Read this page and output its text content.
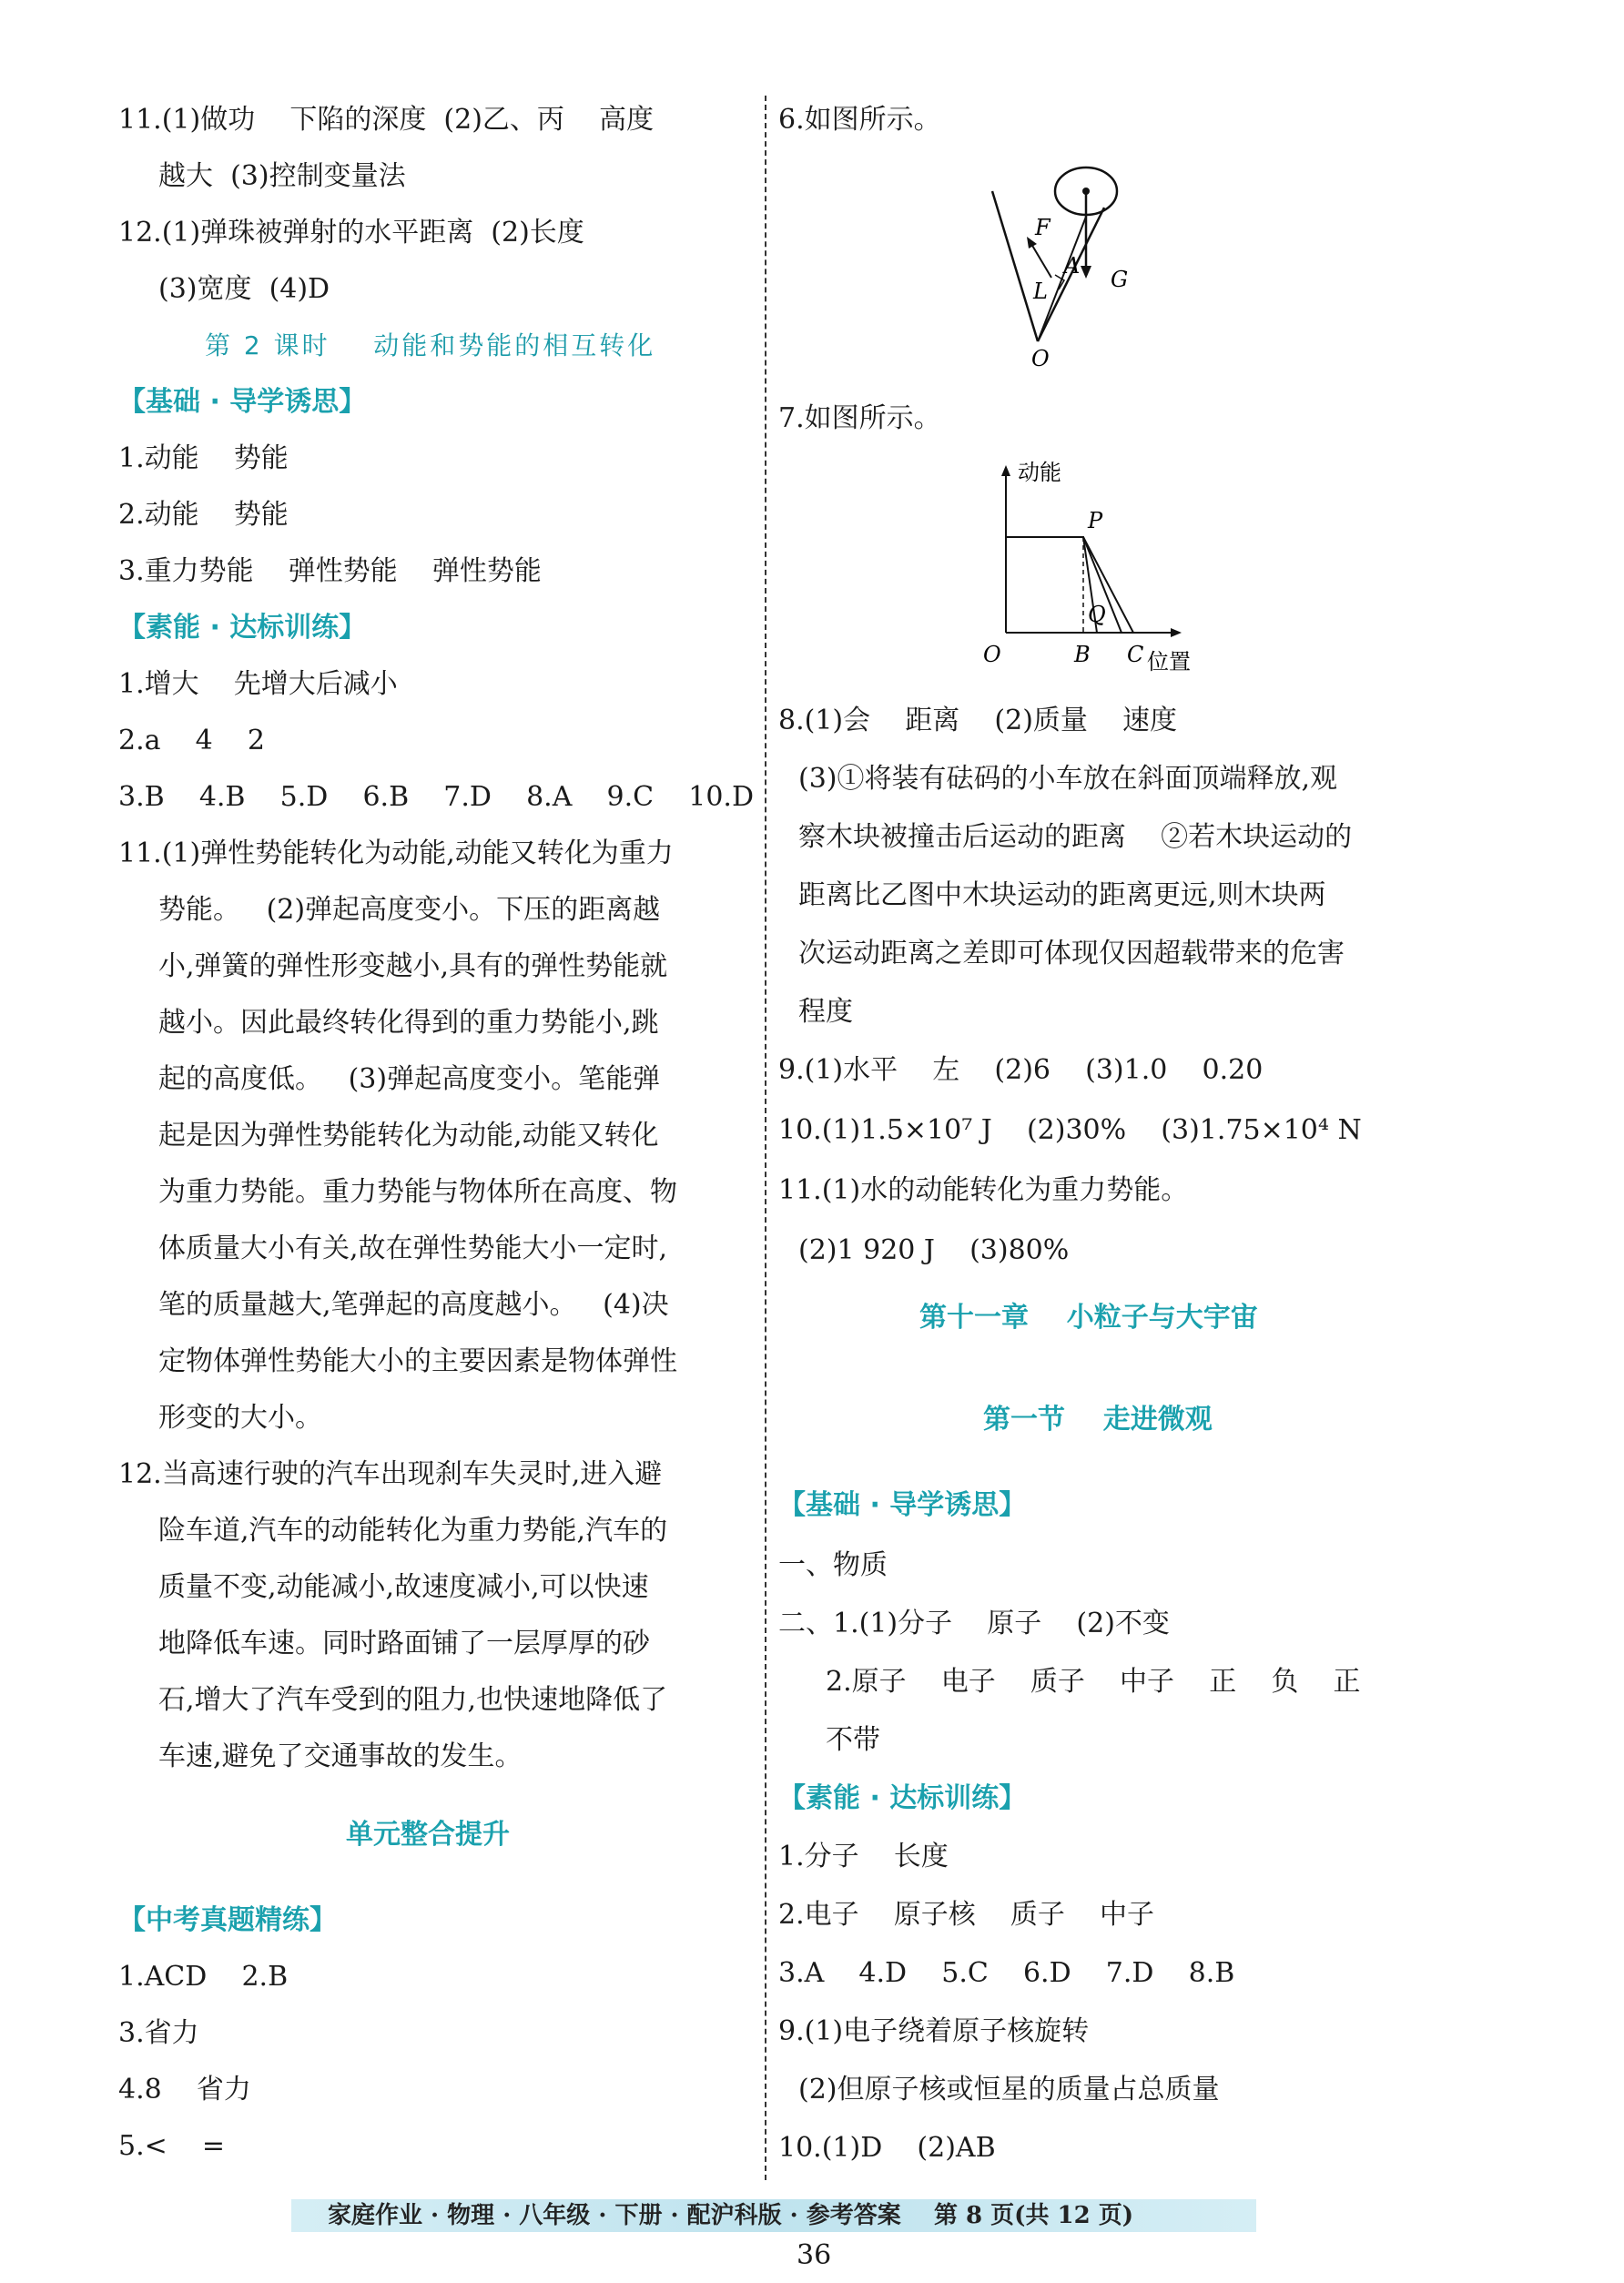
11.(1)做功    下陷的深度  (2)乙、丙    高度
越大  (3)控制变量法
12.(1)弹珠被弹射的水平距离  (2)长度
(3)宽度  (4)D
第 2 课时    动能和势能的相互转化
【基础 · 导学诱思】
1.动能    势能
2.动能    势能
3.重力势能    弹性势能    弹性势能
【素能 · 达标训练】
1.增大    先增大后减小
2.a    4    2
3.B    4.B    5.D    6.B    7.D    8.A    9.C    10.D
11.(1)弹性势能转化为动能,动能又转化为重力
势能。   (2)弹起高度变小。下压的距离越
小,弹簧的弹性形变越小,具有的弹性势能就
越小。因此最终转化得到的重力势能小,跳
起的高度低。   (3)弹起高度变小。笔能弹
起是因为弹性势能转化为动能,动能又转化
为重力势能。重力势能与物体所在高度、物
体质量大小有关,故在弹性势能大小一定时,
笔的质量越大,笔弹起的高度越小。   (4)决
定物体弹性势能大小的主要因素是物体弹性
形变的大小。
12.当高速行驶的汽车出现刹车失灵时,进入避
险车道,汽车的动能转化为重力势能,汽车的
质量不变,动能减小,故速度减小,可以快速
地降低车速。同时路面铺了一层厚厚的砂
石,增大了汽车受到的阻力,也快速地降低了
车速,避免了交通事故的发生。
单元整合提升
【中考真题精练】
1.ACD    2.B
3.省力
4.8    省力
5.<    =
6.如图所示。
F
A
L	G
O
7.如图所示。
动能
P
Q
O	B C 位置
8.(1)会    距离    (2)质量    速度
(3)①将装有砝码的小车放在斜面顶端释放,观
察木块被撞击后运动的距离    ②若木块运动的
距离比乙图中木块运动的距离更远,则木块两
次运动距离之差即可体现仅因超载带来的危害
程度
9.(1)水平    左    (2)6    (3)1.0    0.20
10.(1)1.5×10⁷ J    (2)30%    (3)1.75×10⁴ N
11.(1)水的动能转化为重力势能。
(2)1 920 J    (3)80%
第十一章    小粒子与大宇宙
第一节    走进微观
【基础 · 导学诱思】
一、物质
二、1.(1)分子    原子    (2)不变
2.原子    电子    质子    中子    正    负    正
不带
【素能 · 达标训练】
1.分子    长度
2.电子    原子核    质子    中子
3.A    4.D    5.C    6.D    7.D    8.B
9.(1)电子绕着原子核旋转
(2)但原子核或恒星的质量占总质量
10.(1)D    (2)AB
家庭作业 · 物理 · 八年级 · 下册 · 配沪科版 · 参考答案    第 8 页(共 12 页)
36
